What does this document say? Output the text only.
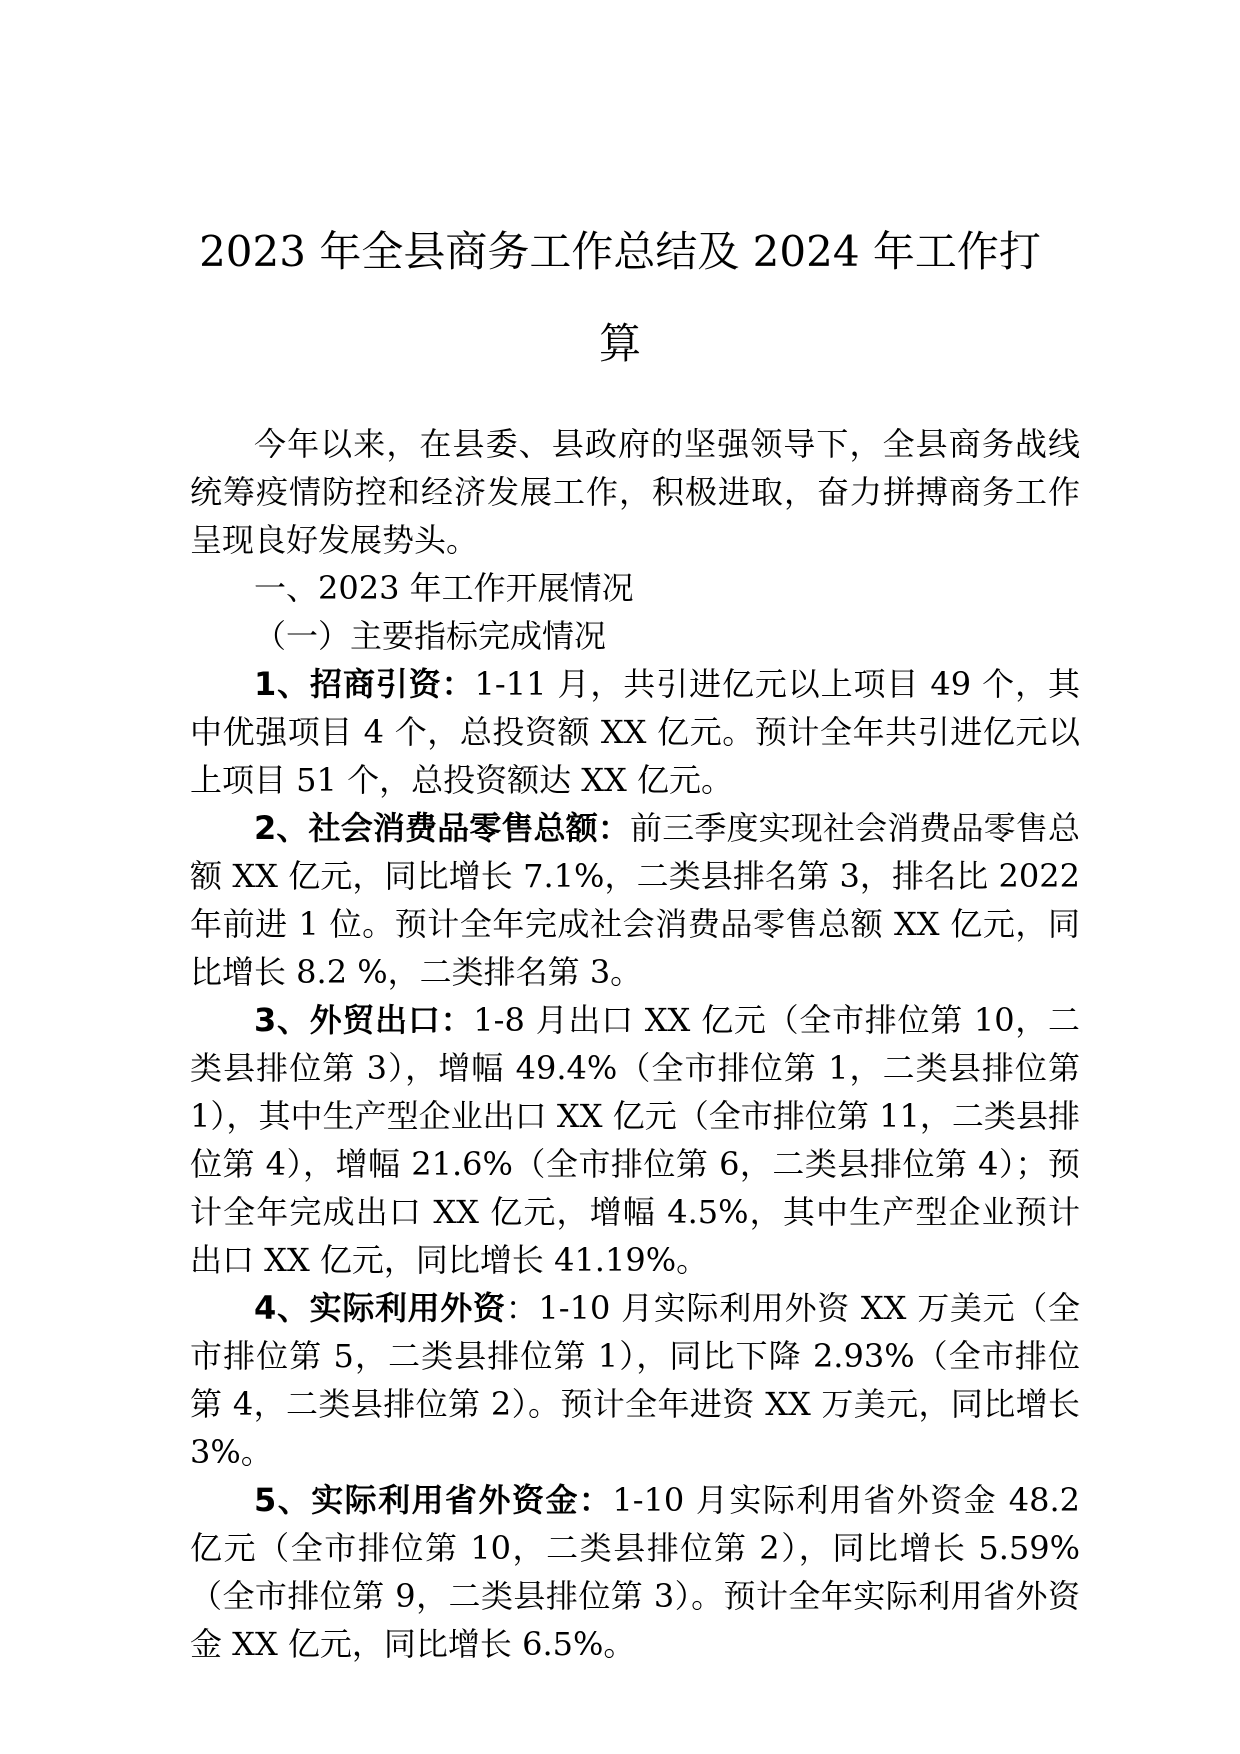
2023 年全县商务工作总结及 2024 年工作打
算

今年以来，在县委、县政府的坚强领导下，全县商务战线统筹疫情防控和经济发展工作，积极进取，奋力拼搏商务工作呈现良好发展势头。

一、2023 年工作开展情况

（一）主要指标完成情况

1、招商引资：1-11 月，共引进亿元以上项目 49 个，其中优强项目 4 个，总投资额 XX 亿元。预计全年共引进亿元以上项目 51 个，总投资额达 XX 亿元。

2、社会消费品零售总额：前三季度实现社会消费品零售总额 XX 亿元，同比增长 7.1%，二类县排名第 3，排名比 2022 年前进 1 位。预计全年完成社会消费品零售总额 XX 亿元，同比增长 8.2 %，二类排名第 3。

3、外贸出口：1-8 月出口 XX 亿元（全市排位第 10，二类县排位第 3），增幅 49.4%（全市排位第 1，二类县排位第 1），其中生产型企业出口 XX 亿元（全市排位第 11，二类县排位第 4），增幅 21.6%（全市排位第 6，二类县排位第 4）；预计全年完成出口 XX 亿元，增幅 4.5%，其中生产型企业预计出口 XX 亿元，同比增长 41.19%。

4、实际利用外资：1-10 月实际利用外资 XX 万美元（全市排位第 5，二类县排位第 1），同比下降 2.93%（全市排位第 4，二类县排位第 2）。预计全年进资 XX 万美元，同比增长 3%。

5、实际利用省外资金：1-10 月实际利用省外资金 48.2 亿元（全市排位第 10，二类县排位第 2），同比增长 5.59%（全市排位第 9，二类县排位第 3）。预计全年实际利用省外资金 XX 亿元，同比增长 6.5%。
